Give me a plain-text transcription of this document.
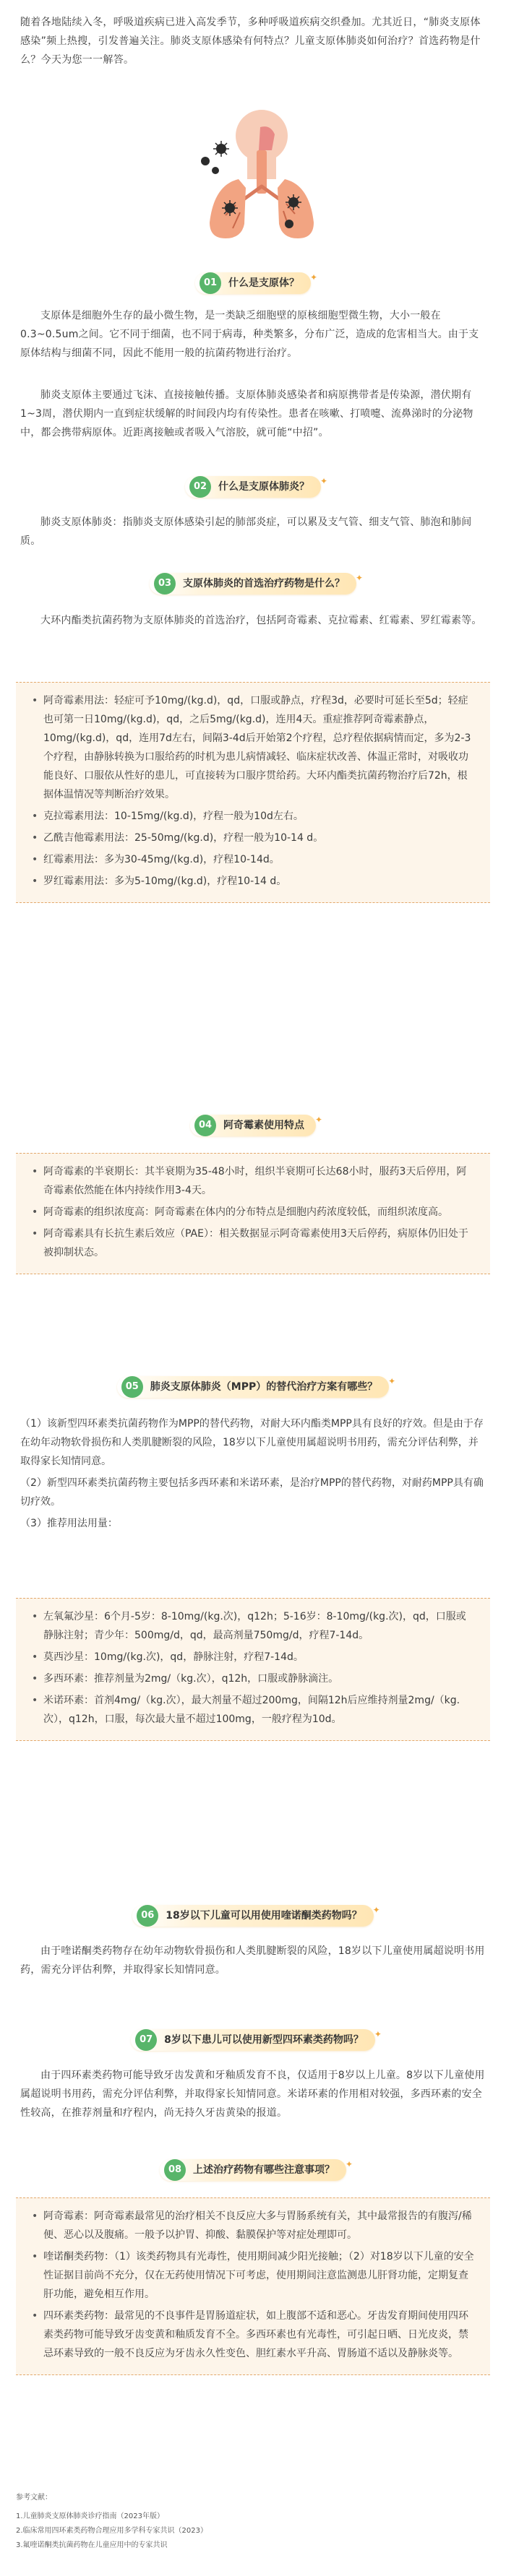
随着各地陆续入冬，呼吸道疾病已进入高发季节，多种呼吸道疾病交织叠加。尤其近日，“肺炎支原体感染”频上热搜，引发普遍关注。肺炎支原体感染有何特点？儿童支原体肺炎如何治疗？首选药物是什么？今天为您一一解答。

01	什么是支原体？ ✦

支原体是细胞外生存的最小微生物，是一类缺乏细胞壁的原核细胞型微生物，大小一般在0.3~0.5um之间。它不同于细菌，也不同于病毒，种类繁多，分布广泛，造成的危害相当大。由于支原体结构与细菌不同，因此不能用一般的抗菌药物进行治疗。

肺炎支原体主要通过飞沫、直接接触传播。支原体肺炎感染者和病原携带者是传染源，潜伏期有1~3周，潜伏期内一直到症状缓解的时间段内均有传染性。患者在咳嗽、打喷嚏、流鼻涕时的分泌物中，都会携带病原体。近距离接触或者吸入气溶胶，就可能“中招”。

02	什么是支原体肺炎？ ✦

肺炎支原体肺炎：指肺炎支原体感染引起的肺部炎症，可以累及支气管、细支气管、肺泡和肺间质。

03	支原体肺炎的首选治疗药物是什么？ ✦

大环内酯类抗菌药物为支原体肺炎的首选治疗，包括阿奇霉素、克拉霉素、红霉素、罗红霉素等。

• 阿奇霉素用法：轻症可予10mg/(kg.d)，qd，口服或静点，疗程3d，必要时可延长至5d；轻症也可第一日10mg/(kg.d)，qd，之后5mg/(kg.d)，连用4天。重症推荐阿奇霉素静点，10mg/(kg.d)，qd，连用7d左右，间隔3-4d后开始第2个疗程，总疗程依据病情而定，多为2-3个疗程，由静脉转换为口服给药的时机为患儿病情减轻、临床症状改善、体温正常时，对吸收功能良好、口服依从性好的患儿，可直接转为口服序贯给药。大环内酯类抗菌药物治疗后72h，根据体温情况等判断治疗效果。
• 克拉霉素用法：10-15mg/(kg.d)，疗程一般为10d左右。
• 乙酰吉他霉素用法：25-50mg/(kg.d)，疗程一般为10-14 d。
• 红霉素用法：多为30-45mg/(kg.d)，疗程10-14d。
• 罗红霉素用法：多为5-10mg/(kg.d)，疗程10-14 d。
04	阿奇霉素使用特点 ✦
• 阿奇霉素的半衰期长：其半衰期为35-48小时，组织半衰期可长达68小时，服药3天后停用，阿奇霉素依然能在体内持续作用3-4天。
• 阿奇霉素的组织浓度高：阿奇霉素在体内的分布特点是细胞内药浓度较低，而组织浓度高。
• 阿奇霉素具有长抗生素后效应（PAE）：相关数据显示阿奇霉素使用3天后停药，病原体仍旧处于被抑制状态。
05	肺炎支原体肺炎（MPP）的替代治疗方案有哪些？ ✦

（1）该新型四环素类抗菌药物作为MPP的替代药物，对耐大环内酯类MPP具有良好的疗效。但是由于存在幼年动物软骨损伤和人类肌腱断裂的风险，18岁以下儿童使用属超说明书用药，需充分评估利弊，并取得家长知情同意。

（2）新型四环素类抗菌药物主要包括多西环素和米诺环素，是治疗MPP的替代药物，对耐药MPP具有确切疗效。

（3）推荐用法用量：

• 左氧氟沙星：6个月-5岁：8-10mg/(kg.次)，q12h；5-16岁：8-10mg/(kg.次)，qd，口服或静脉注射；青少年：500mg/d，qd，最高剂量750mg/d，疗程7-14d。
• 莫西沙星：10mg/(kg.次)，qd，静脉注射，疗程7-14d。
• 多西环素：推荐剂量为2mg/（kg.次），q12h，口服或静脉滴注。
• 米诺环素：首剂4mg/（kg.次），最大剂量不超过200mg，间隔12h后应维持剂量2mg/（kg.次），q12h，口服，每次最大量不超过100mg，一般疗程为10d。
06	18岁以下儿童可以用使用喹诺酮类药物吗？ ✦

由于喹诺酮类药物存在幼年动物软骨损伤和人类肌腱断裂的风险，18岁以下儿童使用属超说明书用药，需充分评估利弊，并取得家长知情同意。

07	8岁以下患儿可以使用新型四环素类药物吗？ ✦

由于四环素类药物可能导致牙齿发黄和牙釉质发育不良，仅适用于8岁以上儿童。8岁以下儿童使用属超说明书用药，需充分评估利弊，并取得家长知情同意。米诺环素的作用相对较强，多西环素的安全性较高，在推荐剂量和疗程内，尚无持久牙齿黄染的报道。

08	上述治疗药物有哪些注意事项？ ✦
• 阿奇霉素：阿奇霉素最常见的治疗相关不良反应大多与胃肠系统有关，其中最常报告的有腹泻/稀便、恶心以及腹痛。一般予以护胃、抑酸、黏膜保护等对症处理即可。
• 喹诺酮类药物：（1）该类药物具有光毒性，使用期间减少阳光接触；（2）对18岁以下儿童的安全性证据目前尚不充分，仅在无药使用情况下可考虑，使用期间注意监测患儿肝肾功能，定期复查肝功能，避免相互作用。
• 四环素类药物：最常见的不良事件是胃肠道症状，如上腹部不适和恶心。牙齿发育期间使用四环素类药物可能导致牙齿变黄和釉质发育不全。多西环素也有光毒性，可引起日晒、日光皮炎，禁忌环素导致的一般不良反应为牙齿永久性变色、胆红素水平升高、胃肠道不适以及静脉炎等。

参考文献：

1.儿童肺炎支原体肺炎诊疗指南（2023年版）

2.临床常用四环素类药物合理应用多学科专家共识（2023）

3.氟喹诺酮类抗菌药物在儿童应用中的专家共识
